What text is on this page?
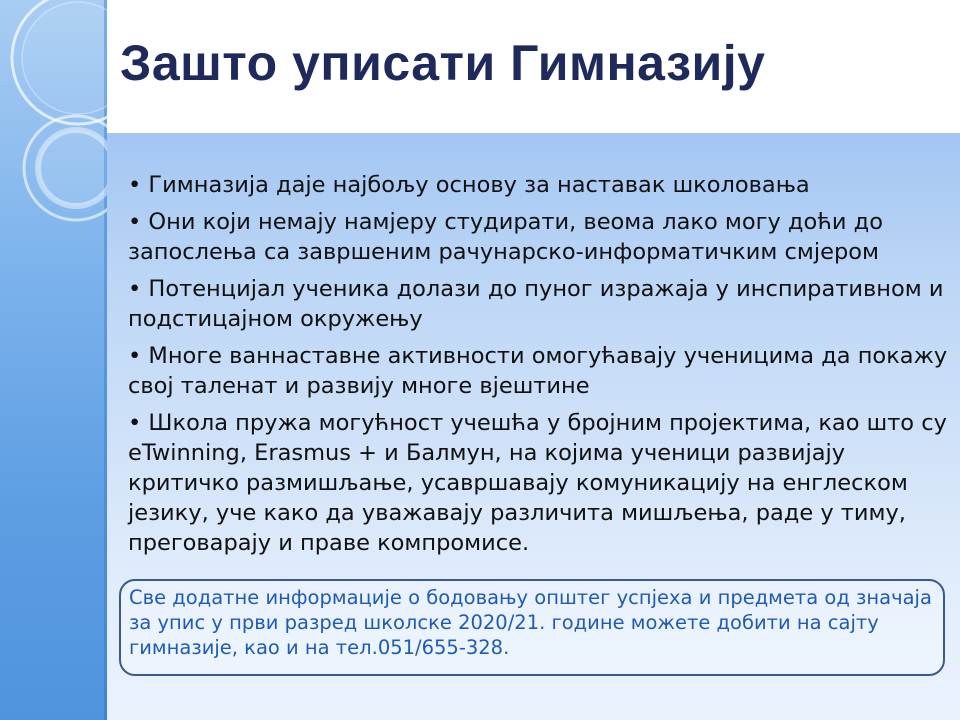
Зашто уписати Гимназију
• Гимназија даје најбољу основу за наставак школовања
• Они који немају намјеру студирати, веома лако могу доћи до запослења са завршеним рачунарско-информатичким смјером
• Потенцијал ученика долази до пуног изражаја у инспиративном и подстицајном окружењу
• Многе ваннаставне активности омогућавају ученицима да покажу свој таленат и развију многе вјештине
• Школа пружа могућност учешћа у бројним пројектима, као што су eTwinning, Erasmus + и Балмун, на којима ученици развијају критичко размишљање, усавршавају комуникацију на енглеском језику, уче како да уважавају различита мишљења, раде у тиму, преговарају и праве компромисе.

Све додатне информације о бодовању општег успјеха и предмета од значаја за упис у први разред школске 2020/21. године можете добити на сајту гимназије, као и на тел.051/655-328.
